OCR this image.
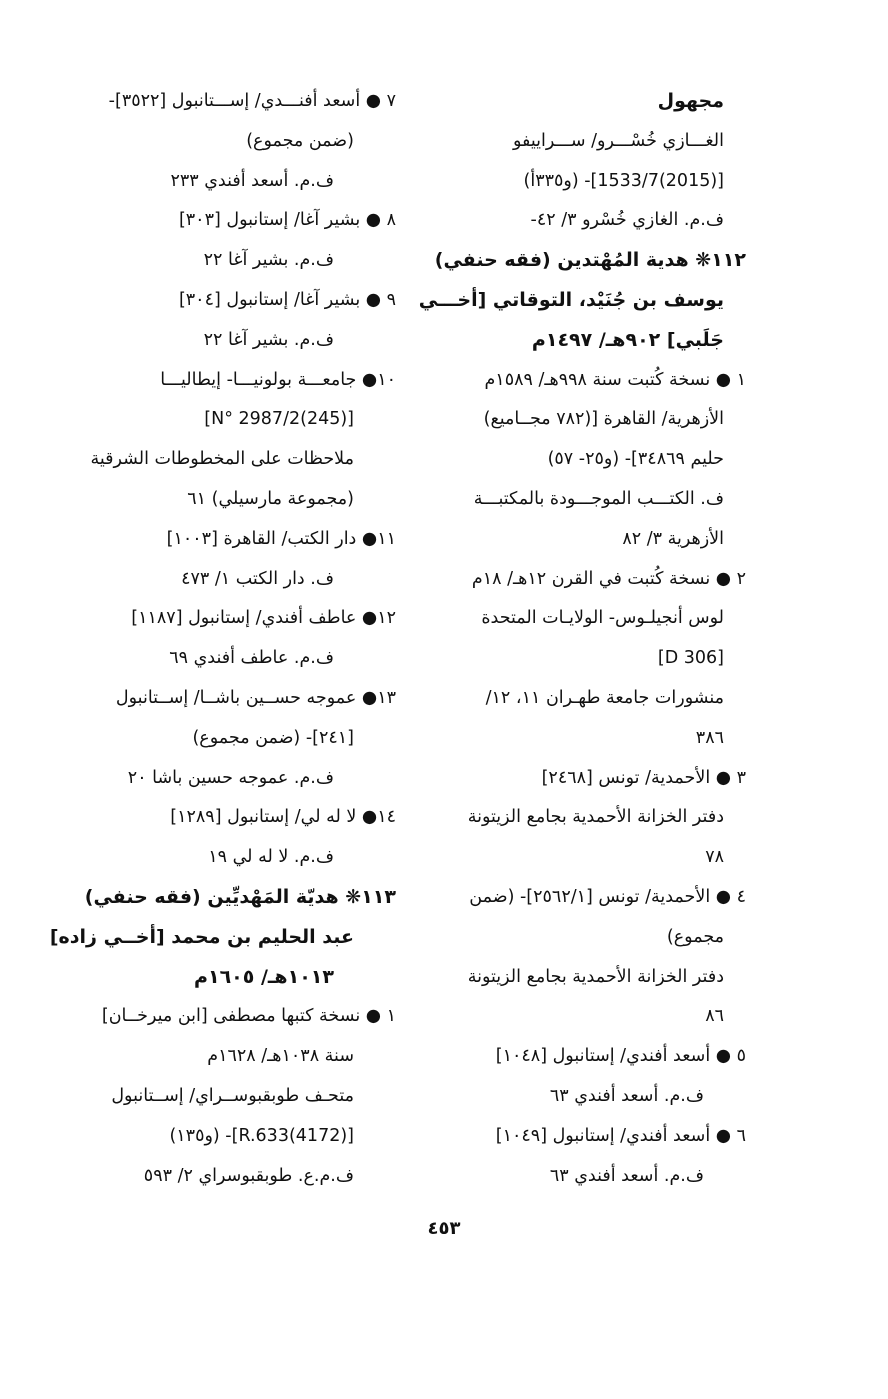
مجهول
الغـــازي خُسْـــرو/ ســـراييفو
[(2015)1533/7]- (و٣٣٥أ)
ف.م. الغازي خُسْرو ٣/ ٤٢-
١١٢❋ هدية المُهْتدين (فقه حنفي)
يوسف بن جُنَيْد، التوقاتي [أخـــي
جَلَبي] ٩٠٢هـ/ ١٤٩٧م
١ ● نسخة كُتبت سنة ٩٩٨هـ/ ١٥٨٩م
الأزهرية/ القاهرة [(٧٨٢ مجــاميع)
حليم ٣٤٨٦٩]- (و٢٥- ٥٧)
ف. الكتـــب الموجـــودة بالمكتبـــة
الأزهرية ٣/ ٨٢
٢ ● نسخة كُتبت في القرن ١٢هـ/ ١٨م
لوس أنجيلـوس- الولايـات المتحدة
[D 306]
منشورات جامعة طهـران ١١، ١٢/
٣٨٦
٣ ● الأحمدية/ تونس [٢٤٦٨]
دفتر الخزانة الأحمدية بجامع الزيتونة
٧٨
٤ ● الأحمدية/ تونس [٢٥٦٢/١]- (ضمن
مجموع)
دفتر الخزانة الأحمدية بجامع الزيتونة
٨٦
٥ ● أسعد أفندي/ إستانبول [١٠٤٨]
ف.م. أسعد أفندي ٦٣
٦ ● أسعد أفندي/ إستانبول [١٠٤٩]
ف.م. أسعد أفندي ٦٣
٧ ● أسعد أفنـــدي/ إســـتانبول [٣٥٢٢]-
(ضمن مجموع)
ف.م. أسعد أفندي ٢٣٣
٨ ● بشير آغا/ إستانبول [٣٠٣]
ف.م. بشير آغا ٢٢
٩ ● بشير آغا/ إستانبول [٣٠٤]
ف.م. بشير آغا ٢٢
١٠● جامعـــة بولونيـــا- إيطاليـــا
[(245)N° 2987/2]
ملاحظات على المخطوطات الشرقية
(مجموعة مارسيلي) ٦١
١١● دار الكتب/ القاهرة [١٠٠٣]
ف. دار الكتب ١/ ٤٧٣
١٢● عاطف أفندي/ إستانبول [١١٨٧]
ف.م. عاطف أفندي ٦٩
١٣● عموجه حســين باشــا/ إســتانبول
[٢٤١]- (ضمن مجموع)
ف.م. عموجه حسين باشا ٢٠
١٤● لا له لي/ إستانبول [١٢٨٩]
ف.م. لا له لي ١٩
١١٣❋ هديّة المَهْديِّين (فقه حنفي)
عبد الحليم بن محمد [أخــي زاده]
١٠١٣هـ/ ١٦٠٥م
١ ● نسخة كتبها مصطفى [ابن ميرخــان]
سنة ١٠٣٨هـ/ ١٦٢٨م
متحـف طوبقبوســراي/ إســتانبول
[(4172)R.633]- (و١٣٥)
ف.م.ع. طوبقبوسراي ٢/ ٥٩٣
٤٥٣
